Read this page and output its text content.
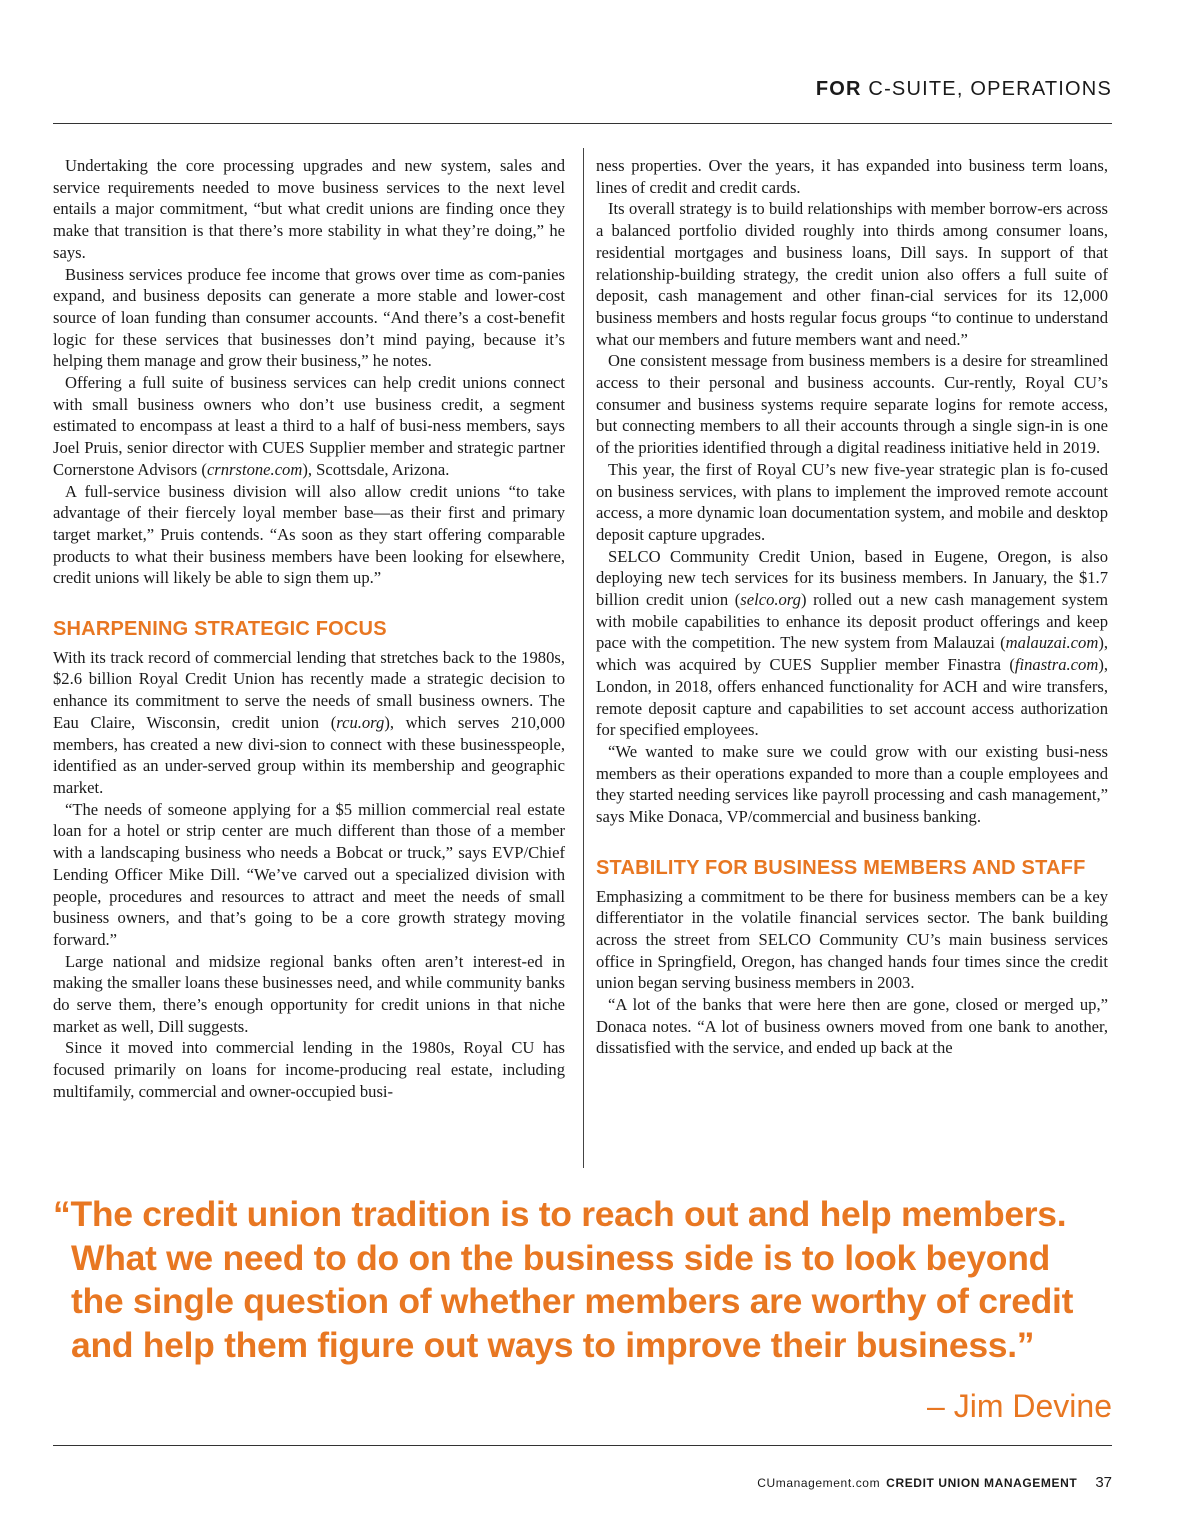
FOR C-SUITE, OPERATIONS

Undertaking the core processing upgrades and new system, sales and service requirements needed to move business services to the next level entails a major commitment, “but what credit unions are finding once they make that transition is that there’s more stability in what they’re doing,” he says.

Business services produce fee income that grows over time as com-panies expand, and business deposits can generate a more stable and lower-cost source of loan funding than consumer accounts. “And there’s a cost-benefit logic for these services that businesses don’t mind paying, because it’s helping them manage and grow their business,” he notes.

Offering a full suite of business services can help credit unions connect with small business owners who don’t use business credit, a segment estimated to encompass at least a third to a half of busi-ness members, says Joel Pruis, senior director with CUES Supplier member and strategic partner Cornerstone Advisors (crnrstone.com), Scottsdale, Arizona.

A full-service business division will also allow credit unions “to take advantage of their fiercely loyal member base—as their first and primary target market,” Pruis contends. “As soon as they start offering comparable products to what their business members have been looking for elsewhere, credit unions will likely be able to sign them up.”

SHARPENING STRATEGIC FOCUS

With its track record of commercial lending that stretches back to the 1980s, $2.6 billion Royal Credit Union has recently made a strategic decision to enhance its commitment to serve the needs of small business owners. The Eau Claire, Wisconsin, credit union (rcu.org), which serves 210,000 members, has created a new divi-sion to connect with these businesspeople, identified as an under-served group within its membership and geographic market.

“The needs of someone applying for a $5 million commercial real estate loan for a hotel or strip center are much different than those of a member with a landscaping business who needs a Bobcat or truck,” says EVP/Chief Lending Officer Mike Dill. “We’ve carved out a specialized division with people, procedures and resources to attract and meet the needs of small business owners, and that’s going to be a core growth strategy moving forward.”

Large national and midsize regional banks often aren’t interest-ed in making the smaller loans these businesses need, and while community banks do serve them, there’s enough opportunity for credit unions in that niche market as well, Dill suggests.

Since it moved into commercial lending in the 1980s, Royal CU has focused primarily on loans for income-producing real estate, including multifamily, commercial and owner-occupied busi-

ness properties. Over the years, it has expanded into business term loans, lines of credit and credit cards.

Its overall strategy is to build relationships with member borrow-ers across a balanced portfolio divided roughly into thirds among consumer loans, residential mortgages and business loans, Dill says. In support of that relationship-building strategy, the credit union also offers a full suite of deposit, cash management and other finan-cial services for its 12,000 business members and hosts regular focus groups “to continue to understand what our members and future members want and need.”

One consistent message from business members is a desire for streamlined access to their personal and business accounts. Cur-rently, Royal CU’s consumer and business systems require separate logins for remote access, but connecting members to all their accounts through a single sign-in is one of the priorities identified through a digital readiness initiative held in 2019.

This year, the first of Royal CU’s new five-year strategic plan is fo-cused on business services, with plans to implement the improved remote account access, a more dynamic loan documentation system, and mobile and desktop deposit capture upgrades.

SELCO Community Credit Union, based in Eugene, Oregon, is also deploying new tech services for its business members. In January, the $1.7 billion credit union (selco.org) rolled out a new cash management system with mobile capabilities to enhance its deposit product offerings and keep pace with the competition. The new system from Malauzai (malauzai.com), which was acquired by CUES Supplier member Finastra (finastra.com), London, in 2018, offers enhanced functionality for ACH and wire transfers, remote deposit capture and capabilities to set account access authorization for specified employees.

“We wanted to make sure we could grow with our existing busi-ness members as their operations expanded to more than a couple employees and they started needing services like payroll processing and cash management,” says Mike Donaca, VP/commercial and business banking.

STABILITY FOR BUSINESS MEMBERS AND STAFF

Emphasizing a commitment to be there for business members can be a key differentiator in the volatile financial services sector. The bank building across the street from SELCO Community CU’s main business services office in Springfield, Oregon, has changed hands four times since the credit union began serving business members in 2003.

“A lot of the banks that were here then are gone, closed or merged up,” Donaca notes. “A lot of business owners moved from one bank to another, dissatisfied with the service, and ended up back at the

“The credit union tradition is to reach out and help members.
What we need to do on the business side is to look beyond
the single question of whether members are worthy of credit
and help them figure out ways to improve their business.”
– Jim Devine
CUmanagement.com CREDIT UNION MANAGEMENT 37
